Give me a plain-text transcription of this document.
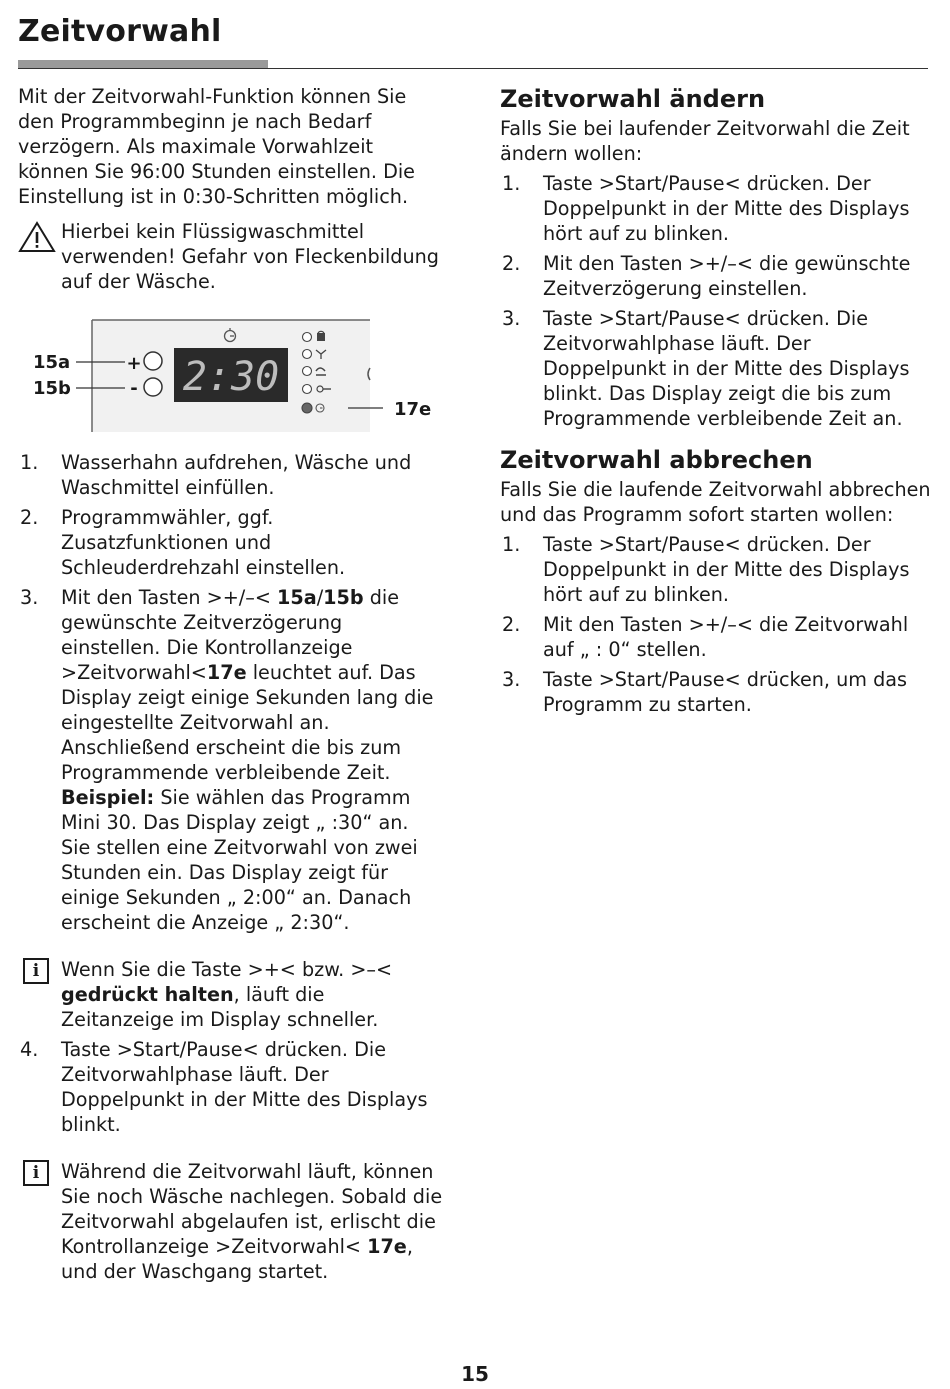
Zeitvorwahl

Mit der Zeitvorwahl-Funktion können Sie den Programmbeginn je nach Bedarf verzögern. Als maximale Vorwahlzeit können Sie 96:00 Stunden einstellen. Die Einstellung ist in 0:30-Schritten möglich.

Hierbei kein Flüssigwaschmittel verwenden! Gefahr von Fleckenbildung auf der Wäsche.
2:30
+
-
15a
15b
17e
1. Wasserhahn aufdrehen, Wäsche und Waschmittel einfüllen.
2. Programmwähler, ggf. Zusatzfunktionen und Schleuderdrehzahl einstellen.
3. Mit den Tasten >+/–< 15a/15b die gewünschte Zeitverzögerung einstellen. Die Kontrollanzeige >Zeitvorwahl<17e leuchtet auf. Das Display zeigt einige Sekunden lang die eingestellte Zeitvorwahl an. Anschließend erscheint die bis zum Programmende verbleibende Zeit.
Beispiel: Sie wählen das Programm Mini 30. Das Display zeigt „ :30“ an. Sie stellen eine Zeitvorwahl von zwei Stunden ein. Das Display zeigt für einige Sekunden „ 2:00“ an. Danach erscheint die Anzeige „ 2:30“.
i	Wenn Sie die Taste >+< bzw. >–< gedrückt halten, läuft die Zeitanzeige im Display schneller.
4. Taste >Start/Pause< drücken. Die Zeitvorwahlphase läuft. Der Doppelpunkt in der Mitte des Displays blinkt.
i	Während die Zeitvorwahl läuft, können Sie noch Wäsche nachlegen. Sobald die Zeitvorwahl abgelaufen ist, erlischt die Kontrollanzeige >Zeitvorwahl< 17e, und der Waschgang startet.
Zeitvorwahl ändern

Falls Sie bei laufender Zeitvorwahl die Zeit ändern wollen:

1. Taste >Start/Pause< drücken. Der Doppelpunkt in der Mitte des Displays hört auf zu blinken.
2. Mit den Tasten >+/–< die gewünschte Zeitverzögerung einstellen.
3. Taste >Start/Pause< drücken. Die Zeitvorwahlphase läuft. Der Doppelpunkt in der Mitte des Displays blinkt. Das Display zeigt die bis zum Programmende verbleibende Zeit an.
Zeitvorwahl abbrechen

Falls Sie die laufende Zeitvorwahl abbrechen und das Programm sofort starten wollen:

1. Taste >Start/Pause< drücken. Der Doppelpunkt in der Mitte des Displays hört auf zu blinken.
2. Mit den Tasten >+/–< die Zeitvorwahl auf „ : 0“ stellen.
3. Taste >Start/Pause< drücken, um das Programm zu starten.
15
